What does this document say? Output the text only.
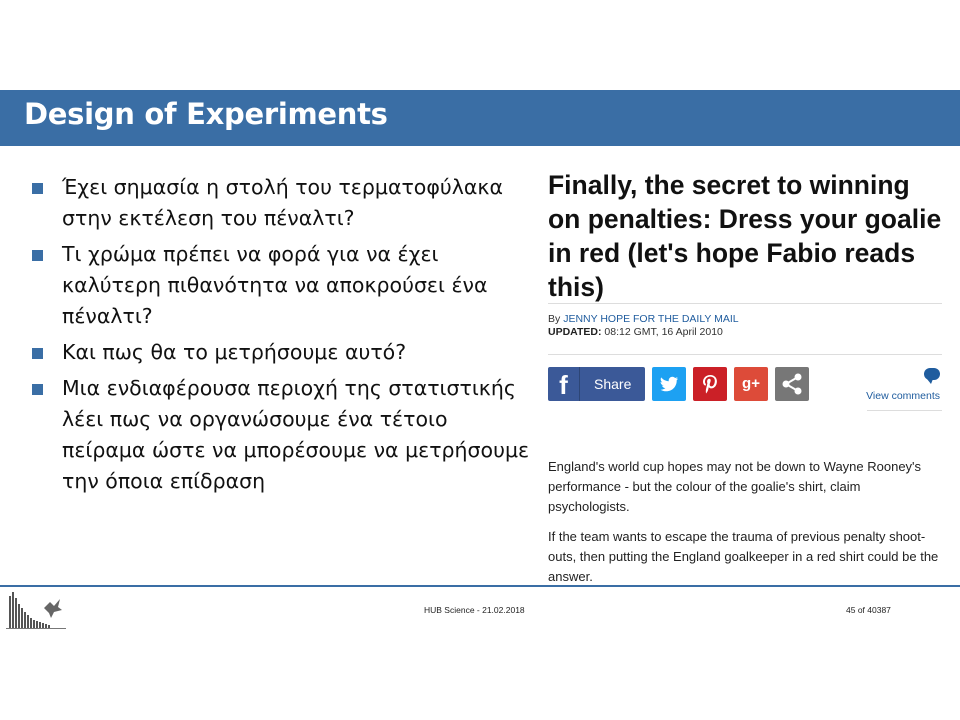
Design of Experiments
Έχει σημασία η στολή του τερματοφύλακα στην εκτέλεση του πέναλτι?
Τι χρώμα πρέπει να φορά για να έχει καλύτερη πιθανότητα να αποκρούσει ένα πέναλτι?
Και πως θα το μετρήσουμε αυτό?
Μια ενδιαφέρουσα περιοχή της στατιστικής λέει πως να οργανώσουμε ένα τέτοιο πείραμα ώστε να μπορέσουμε να μετρήσουμε την όποια επίδραση
Finally, the secret to winning on penalties: Dress your goalie in red (let's hope Fabio reads this)
By JENNY HOPE FOR THE DAILY MAIL
UPDATED: 08:12 GMT, 16 April 2010
f	Share	g+
View comments
England's world cup hopes may not be down to Wayne Rooney's performance - but the colour of the goalie's shirt, claim psychologists.
If the team wants to escape the trauma of previous penalty shoot-outs, then putting the England goalkeeper in a red shirt could be the answer.
HUB Science - 21.02.2018	45 of 40387
